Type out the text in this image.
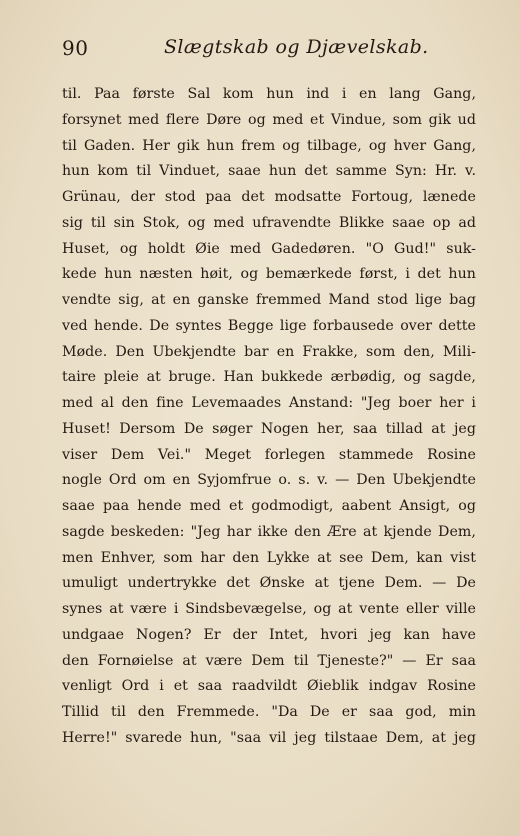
90	Slægtskab og Djævelskab.
til. Paa første Sal kom hun ind i en lang Gang,
forsynet med flere Døre og med et Vindue, som gik ud
til Gaden. Her gik hun frem og tilbage, og hver Gang,
hun kom til Vinduet, saae hun det samme Syn: Hr. v.
Grünau, der stod paa det modsatte Fortoug, lænede
sig til sin Stok, og med ufravendte Blikke saae op ad
Huset, og holdt Øie med Gadedøren. "O Gud!" suk-
kede hun næsten høit, og bemærkede først, i det hun
vendte sig, at en ganske fremmed Mand stod lige bag
ved hende. De syntes Begge lige forbausede over dette
Møde. Den Ubekjendte bar en Frakke, som den, Mili-
taire pleie at bruge. Han bukkede ærbødig, og sagde,
med al den fine Levemaades Anstand: "Jeg boer her i
Huset! Dersom De søger Nogen her, saa tillad at jeg
viser Dem Vei." Meget forlegen stammede Rosine
nogle Ord om en Syjomfrue o. s. v. — Den Ubekjendte
saae paa hende med et godmodigt, aabent Ansigt, og
sagde beskeden: "Jeg har ikke den Ære at kjende Dem,
men Enhver, som har den Lykke at see Dem, kan vist
umuligt undertrykke det Ønske at tjene Dem. — De
synes at være i Sindsbevægelse, og at vente eller ville
undgaae Nogen? Er der Intet, hvori jeg kan have
den Fornøielse at være Dem til Tjeneste?" — Er saa
venligt Ord i et saa raadvildt Øieblik indgav Rosine
Tillid til den Fremmede. "Da De er saa god, min
Herre!" svarede hun, "saa vil jeg tilstaae Dem, at jeg
